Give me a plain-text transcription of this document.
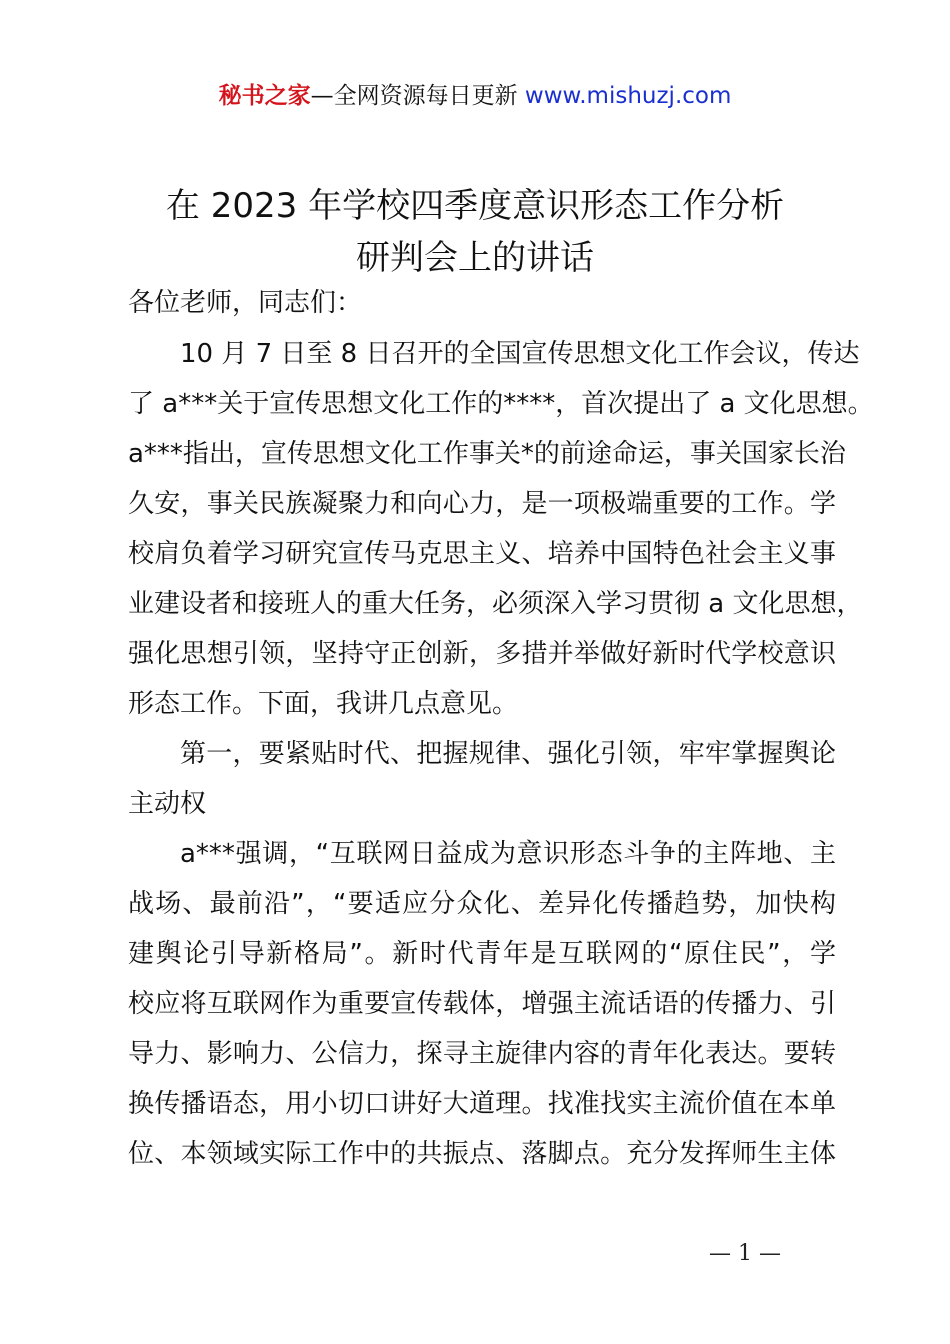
秘书之家—全网资源每日更新 www.mishuzj.com
在 2023 年学校四季度意识形态工作分析
研判会上的讲话
各位老师，同志们：
10 月 7 日至 8 日召开的全国宣传思想文化工作会议，传达
了 a***关于宣传思想文化工作的****，首次提出了 a 文化思想。
a***指出，宣传思想文化工作事关*的前途命运，事关国家长治
久安，事关民族凝聚力和向心力，是一项极端重要的工作。学
校肩负着学习研究宣传马克思主义、培养中国特色社会主义事
业建设者和接班人的重大任务，必须深入学习贯彻 a 文化思想，
强化思想引领，坚持守正创新，多措并举做好新时代学校意识
形态工作。下面，我讲几点意见。
第一，要紧贴时代、把握规律、强化引领，牢牢掌握舆论
主动权
a***强调，“互联网日益成为意识形态斗争的主阵地、主
战场、最前沿”，“要适应分众化、差异化传播趋势，加快构
建舆论引导新格局”。新时代青年是互联网的“原住民”，学
校应将互联网作为重要宣传载体，增强主流话语的传播力、引
导力、影响力、公信力，探寻主旋律内容的青年化表达。要转
换传播语态，用小切口讲好大道理。找准找实主流价值在本单
位、本领域实际工作中的共振点、落脚点。充分发挥师生主体
— 1 —
